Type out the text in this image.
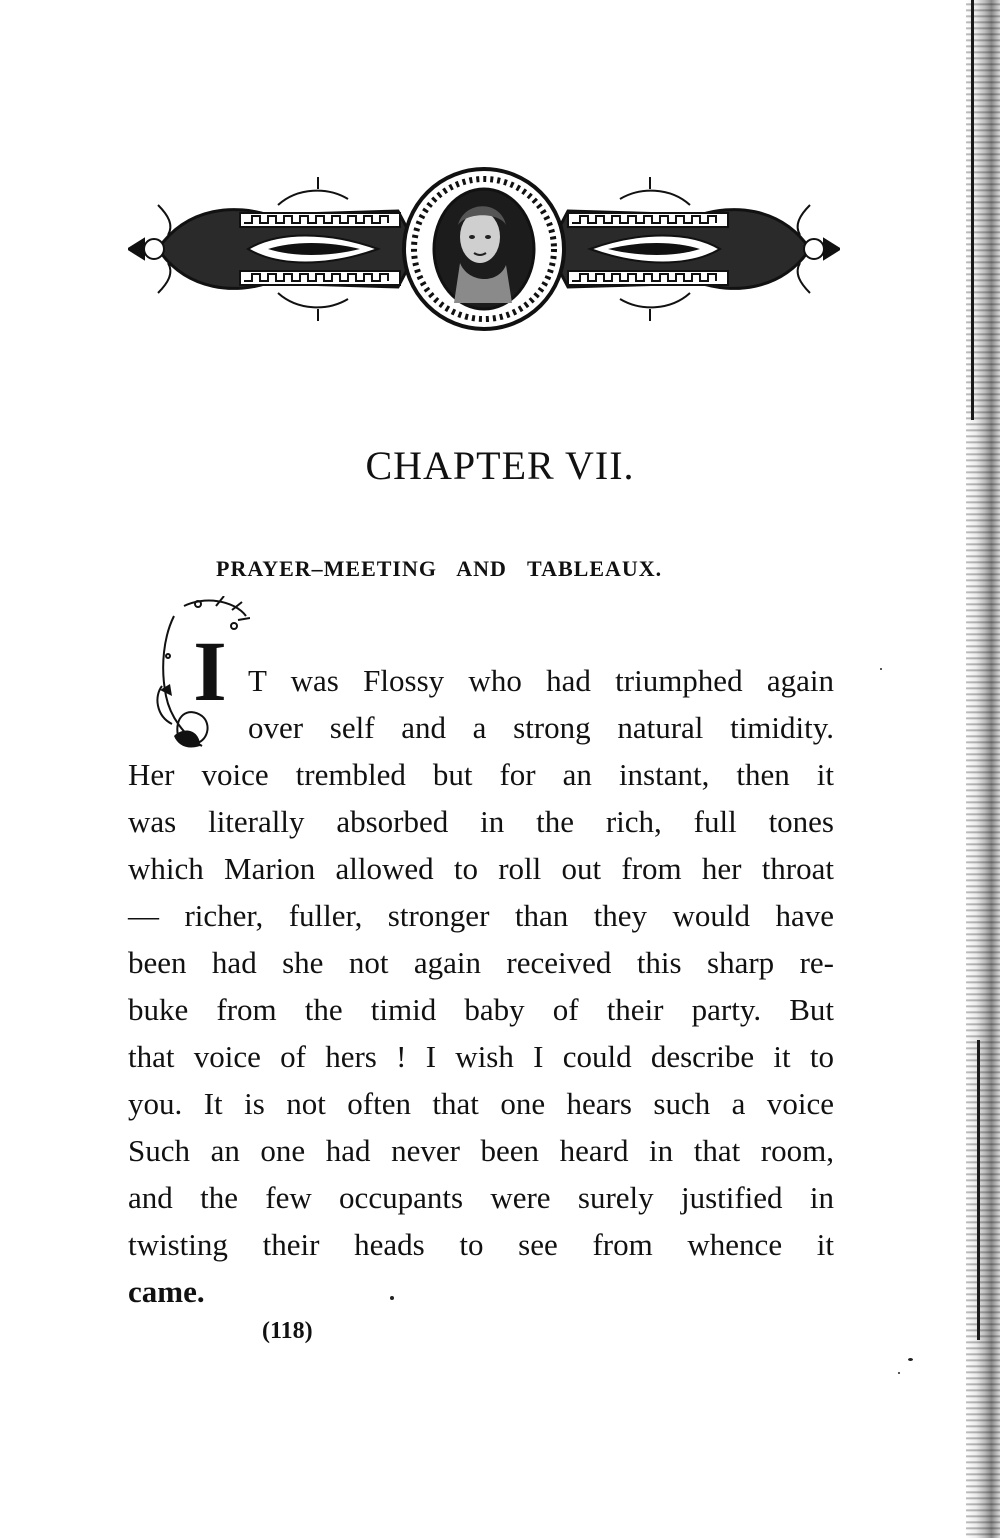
CHAPTER VII.
PRAYER–MEETING AND TABLEAUX.
I T was Flossy who had triumphed again
over self and a strong natural timidity.
Her voice trembled but for an instant, then it
was literally absorbed in the rich, full tones
which Marion allowed to roll out from her throat
— richer, fuller, stronger than they would have
been had she not again received this sharp re-
buke from the timid baby of their party. But
that voice of hers ! I wish I could describe it to
you. It is not often that one hears such a voice
Such an one had never been heard in that room,
and the few occupants were surely justified in
twisting their heads to see from whence it
came.

(118)
